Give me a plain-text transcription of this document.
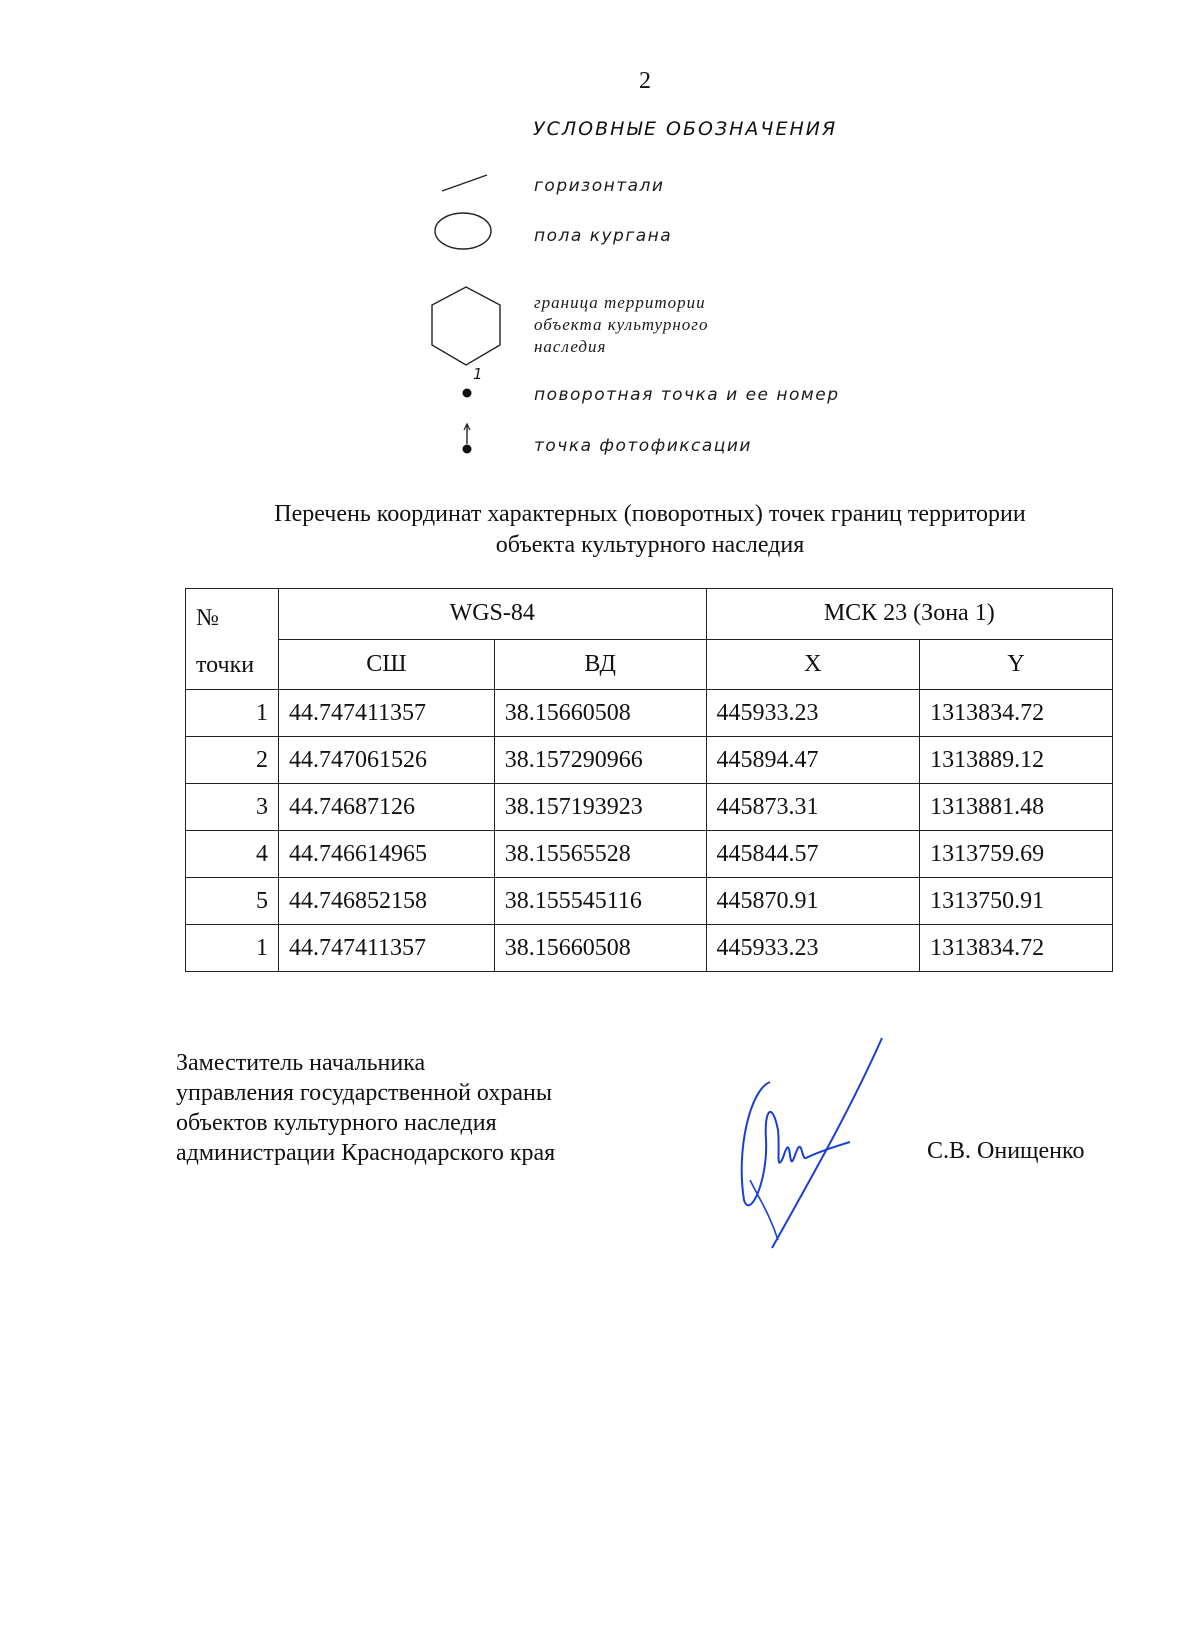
2
УСЛОВНЫЕ ОБОЗНАЧЕНИЯ
горизонтали
пола кургана
граница территории
объекта культурного
наследия
1
поворотная точка и ее номер
точка фотофиксации
Перечень координат характерных (поворотных) точек границ территории
объекта культурного наследия
№
точки	WGS-84		МСК 23 (Зона 1)	
	СШ	ВД	X	Y
1	44.747411357	38.15660508	445933.23	1313834.72
2	44.747061526	38.157290966	445894.47	1313889.12
3	44.74687126	38.157193923	445873.31	1313881.48
4	44.746614965	38.15565528	445844.57	1313759.69
5	44.746852158	38.155545116	445870.91	1313750.91
1	44.747411357	38.15660508	445933.23	1313834.72
Заместитель начальника
управления государственной охраны
объектов культурного наследия
администрации Краснодарского края	С.В. Онищенко
